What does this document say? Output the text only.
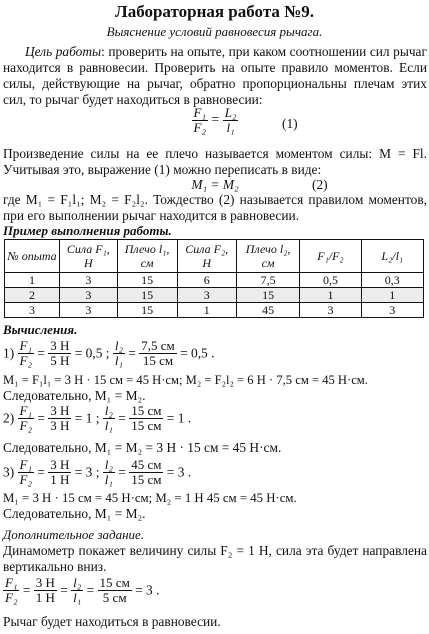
Лабораторная работа №9.
Выяснение условий равновесия рычага.
Цель работы: проверить на опыте, при каком соотношении сил рычаг находится в равновесии. Проверить на опыте правило моментов. Если силы, действующие на рычаг, обратно пропорциональны плечам этих сил, то рычаг будет находиться в равновесии:
$\frac{\text{F₁}}{\text{F₂}} = \frac{\text{L₂}}{\text{l₁}}$	(1)
Произведение силы на ее плечо называется моментом силы: M = Fl. Учитывая это, выражение (1) можно переписать в виде:
M₁ = M₂	(2)
где M₁ = F₁l₁; M₂ = F₂l₂. Тождество (2) называется правилом моментов, при его выполнении рычаг находится в равновесии.
Пример выполнения работы.
№ опыта	Сила F₁, Н	Плечо l₁, см	Сила F₂, Н	Плечо l₂, см	F₁/F₂	L₂/l₁
1	3	15	6	7,5	0,5	0,3
2	3	15	3	15	1	1
3	3	15	1	45	3	3
Вычисления.
$1) \frac{\text{F₁}}{\text{F₂}} = \frac{3 Н}{5 Н} = 0,5$ ; $\frac{\text{l₂}}{\text{l₁}} = \frac{7,5 см}{15 см} = 0,5$ .
M₁ = F₁l₁ = 3 Н · 15 см = 45 Н·см; M₂ = F₂l₂ = 6 Н · 7,5 см = 45 Н·см.
Следовательно, M₁ = M₂.
$2) \frac{\text{F₁}}{\text{F₂}} = \frac{3 Н}{3 Н} = 1$ ; $\frac{\text{l₂}}{\text{l₁}} = \frac{15 см}{15 см} = 1$ .
Следовательно, M₁ = M₂ = 3 Н · 15 см = 45 Н·см.
$3) \frac{\text{F₁}}{\text{F₂}} = \frac{3 Н}{1 Н} = 3$ ; $\frac{\text{l₂}}{\text{l₁}} = \frac{45 см}{15 см} = 3$ .
M₁ = 3 Н · 15 см = 45 Н·см; M₂ = 1 Н 45 см = 45 Н·см.
Следовательно, M₁ = M₂.
Дополнительное задание.
Динамометр покажет величину силы F₂ = 1 Н, сила эта будет направлена вертикально вниз.
$\frac{\text{F₁}}{\text{F₂}} = \frac{3 Н}{1 Н} = \frac{\text{l₂}}{\text{l₁}} = \frac{15 см}{5 см} = 3$ .
Рычаг будет находиться в равновесии.
